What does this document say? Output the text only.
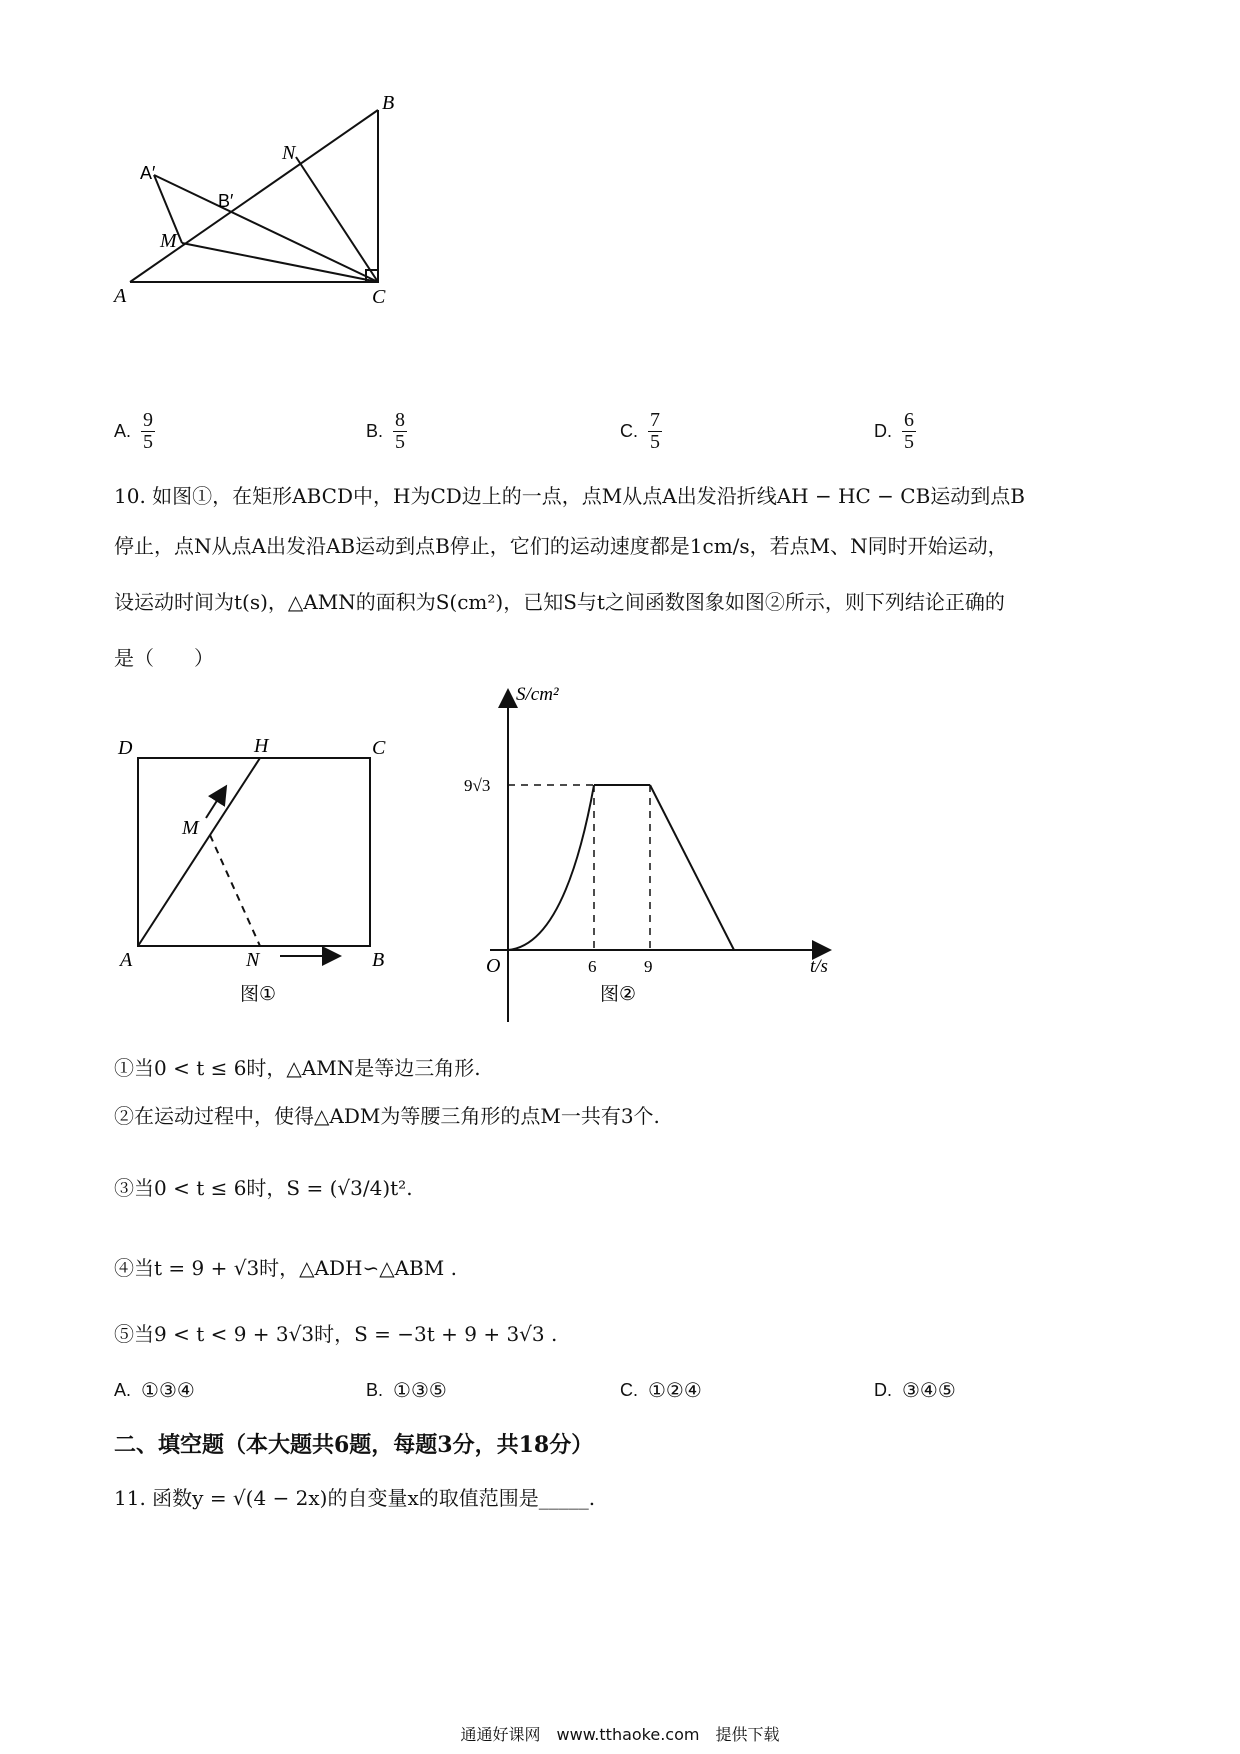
A	C
B
N
A′
B′
M
A. $\frac{9}{5}$	B. $\frac{8}{5}$	C. $\frac{7}{5}$	D. $\frac{6}{5}$
10. 如图①，在矩形ABCD中，H为CD边上的一点，点M从点A出发沿折线AH − HC − CB运动到点B
停止，点N从点A出发沿AB运动到点B停止，它们的运动速度都是1cm/s，若点M、N同时开始运动，
设运动时间为t(s)，△AMN的面积为S(cm²)，已知S与t之间函数图象如图②所示，则下列结论正确的
是（　　）
D	H	C
M
A	N	B
图①
S/cm²
9√3
O	6	9	t/s
图②
①当0 < t ≤ 6时，△AMN是等边三角形.
②在运动过程中，使得△ADM为等腰三角形的点M一共有3个.
③当0 < t ≤ 6时，S = (√3/4)t².
④当t = 9 + √3时，△ADH∽△ABM .
⑤当9 < t < 9 + 3√3时，S = −3t + 9 + 3√3 .
A. ①③④	B. ①③⑤	C. ①②④	D. ③④⑤
二、填空题（本大题共6题，每题3分，共18分）
11. 函数y = √(4 − 2x)的自变量x的取值范围是_____.
通通好课网　www.tthaoke.com　提供下载
